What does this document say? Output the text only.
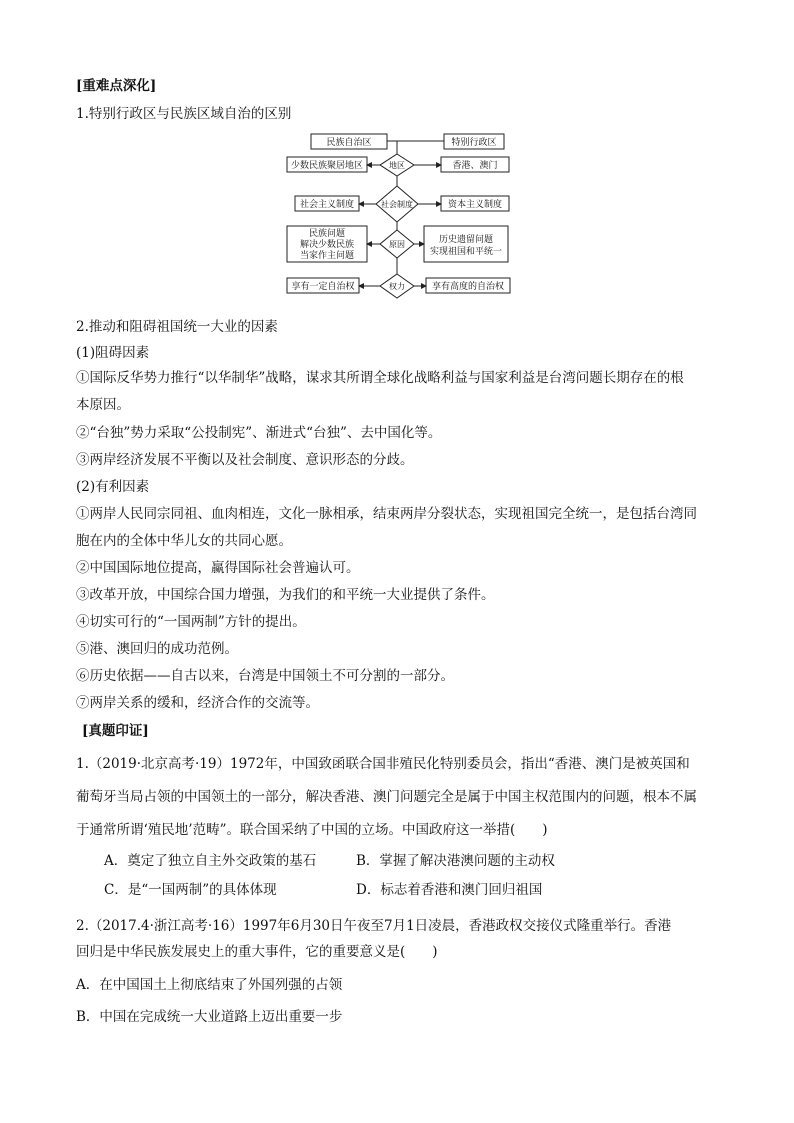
[重难点深化]
1.特别行政区与民族区域自治的区别
民族自治区	特别行政区
少数民族聚居地区	香港、澳门
地区
社会主义制度	资本主义制度
社会制度
民族问题
解决少数民族
当家作主问题
历史遗留问题
实现祖国和平统一
原因
享有一定自治权	享有高度的自治权
权力
2.推动和阻碍祖国统一大业的因素
(1)阻碍因素
①国际反华势力推行“以华制华”战略，谋求其所谓全球化战略利益与国家利益是台湾问题长期存在的根
本原因。
②“台独”势力采取“公投制宪”、渐进式“台独”、去中国化等。
③两岸经济发展不平衡以及社会制度、意识形态的分歧。
(2)有利因素
①两岸人民同宗同祖、血肉相连，文化一脉相承，结束两岸分裂状态，实现祖国完全统一，是包括台湾同
胞在内的全体中华儿女的共同心愿。
②中国国际地位提高，赢得国际社会普遍认可。
③改革开放，中国综合国力增强，为我们的和平统一大业提供了条件。
④切实可行的“一国两制”方针的提出。
⑤港、澳回归的成功范例。
⑥历史依据——自古以来，台湾是中国领土不可分割的一部分。
⑦两岸关系的缓和，经济合作的交流等。
[真题印证]
1.（2019·北京高考·19）1972年，中国致函联合国非殖民化特别委员会，指出“香港、澳门是被英国和
葡萄牙当局占领的中国领土的一部分，解决香港、澳门问题完全是属于中国主权范围内的问题，根本不属
于通常所谓‘殖民地’范畴”。联合国采纳了中国的立场。中国政府这一举措(　　)
A．奠定了独立自主外交政策的基石	B．掌握了解决港澳问题的主动权
C．是“一国两制”的具体体现	D．标志着香港和澳门回归祖国
2.（2017.4·浙江高考·16）1997年6月30日午夜至7月1日凌晨，香港政权交接仪式隆重举行。香港
回归是中华民族发展史上的重大事件，它的重要意义是(　　)
A．在中国国土上彻底结束了外国列强的占领
B．中国在完成统一大业道路上迈出重要一步
